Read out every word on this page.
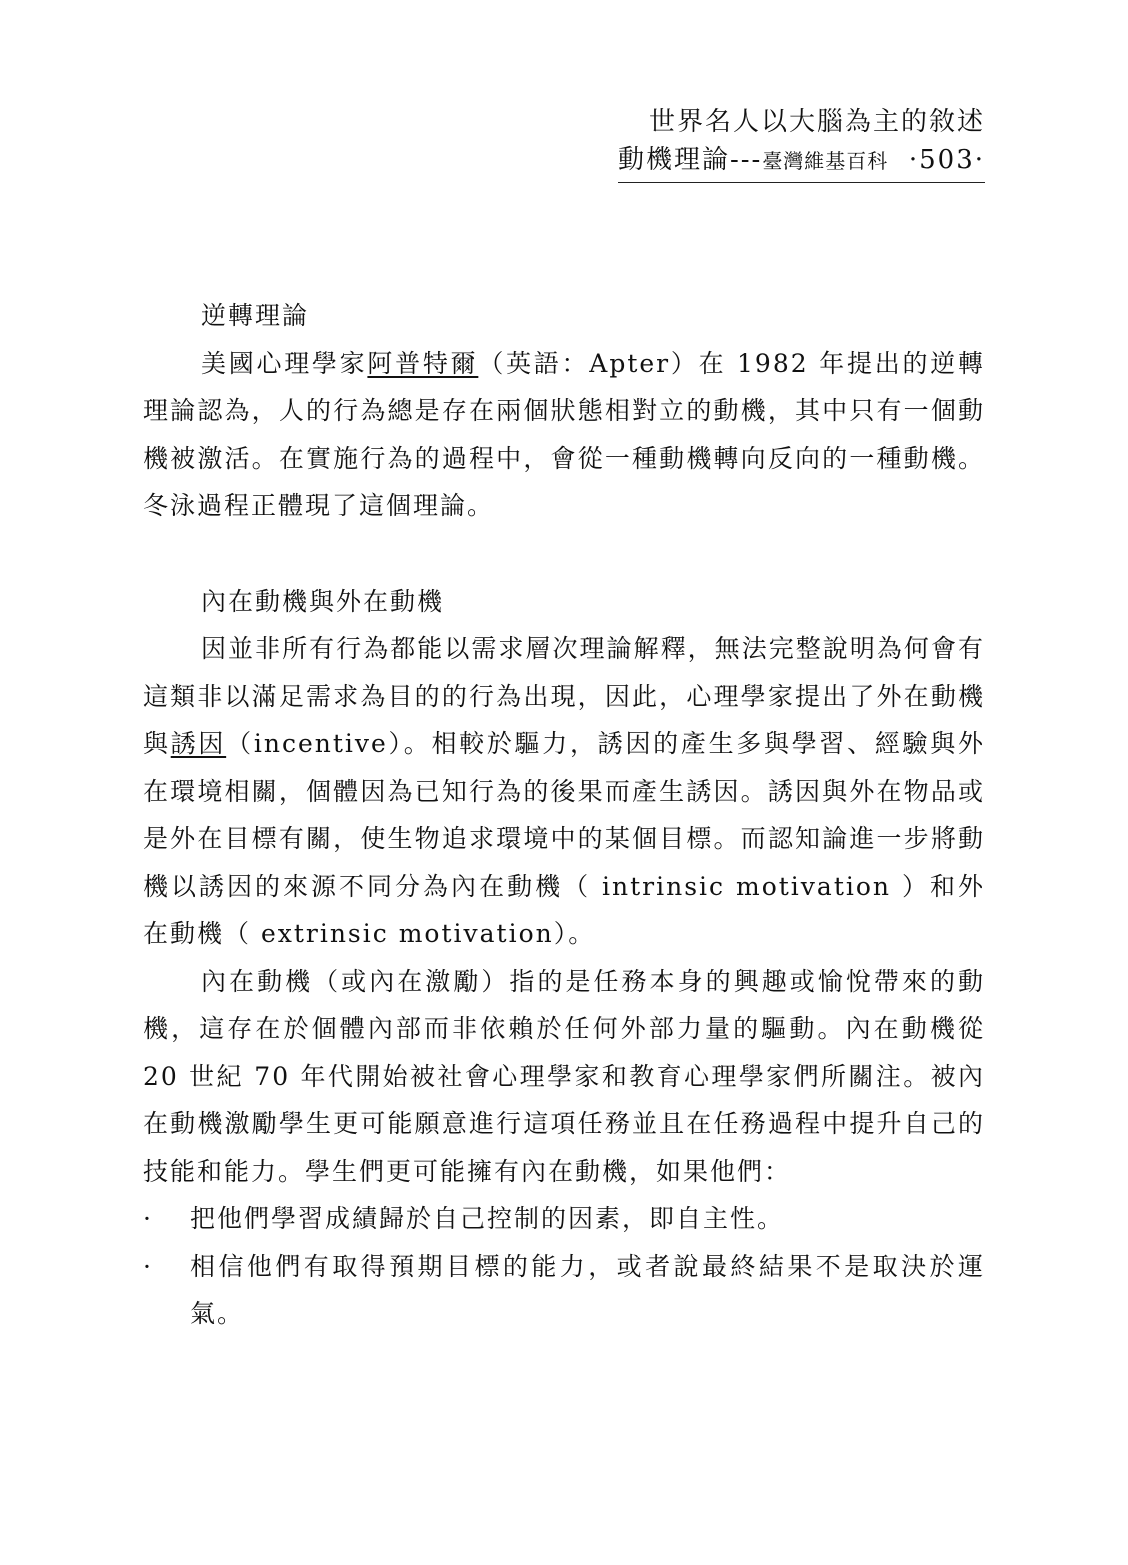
世界名人以大腦為主的敘述
動機理論---臺灣維基百科 ·503·

逆轉理論

美國心理學家阿普特爾（英語：Apter）在 1982 年提出的逆轉理論認為，人的行為總是存在兩個狀態相對立的動機，其中只有一個動機被激活。在實施行為的過程中，會從一種動機轉向反向的一種動機。冬泳過程正體現了這個理論。

內在動機與外在動機

因並非所有行為都能以需求層次理論解釋，無法完整說明為何會有這類非以滿足需求為目的的行為出現，因此，心理學家提出了外在動機與誘因（incentive）。相較於驅力，誘因的產生多與學習、經驗與外在環境相關，個體因為已知行為的後果而產生誘因。誘因與外在物品或是外在目標有關，使生物追求環境中的某個目標。而認知論進一步將動機以誘因的來源不同分為內在動機（ intrinsic motivation ）和外在動機（ extrinsic motivation）。

內在動機（或內在激勵）指的是任務本身的興趣或愉悅帶來的動機，這存在於個體內部而非依賴於任何外部力量的驅動。內在動機從 20 世紀 70 年代開始被社會心理學家和教育心理學家們所關注。被內在動機激勵學生更可能願意進行這項任務並且在任務過程中提升自己的技能和能力。學生們更可能擁有內在動機，如果他們：

·	把他們學習成績歸於自己控制的因素，即自主性。
·	相信他們有取得預期目標的能力，或者說最終結果不是取決於運氣。
